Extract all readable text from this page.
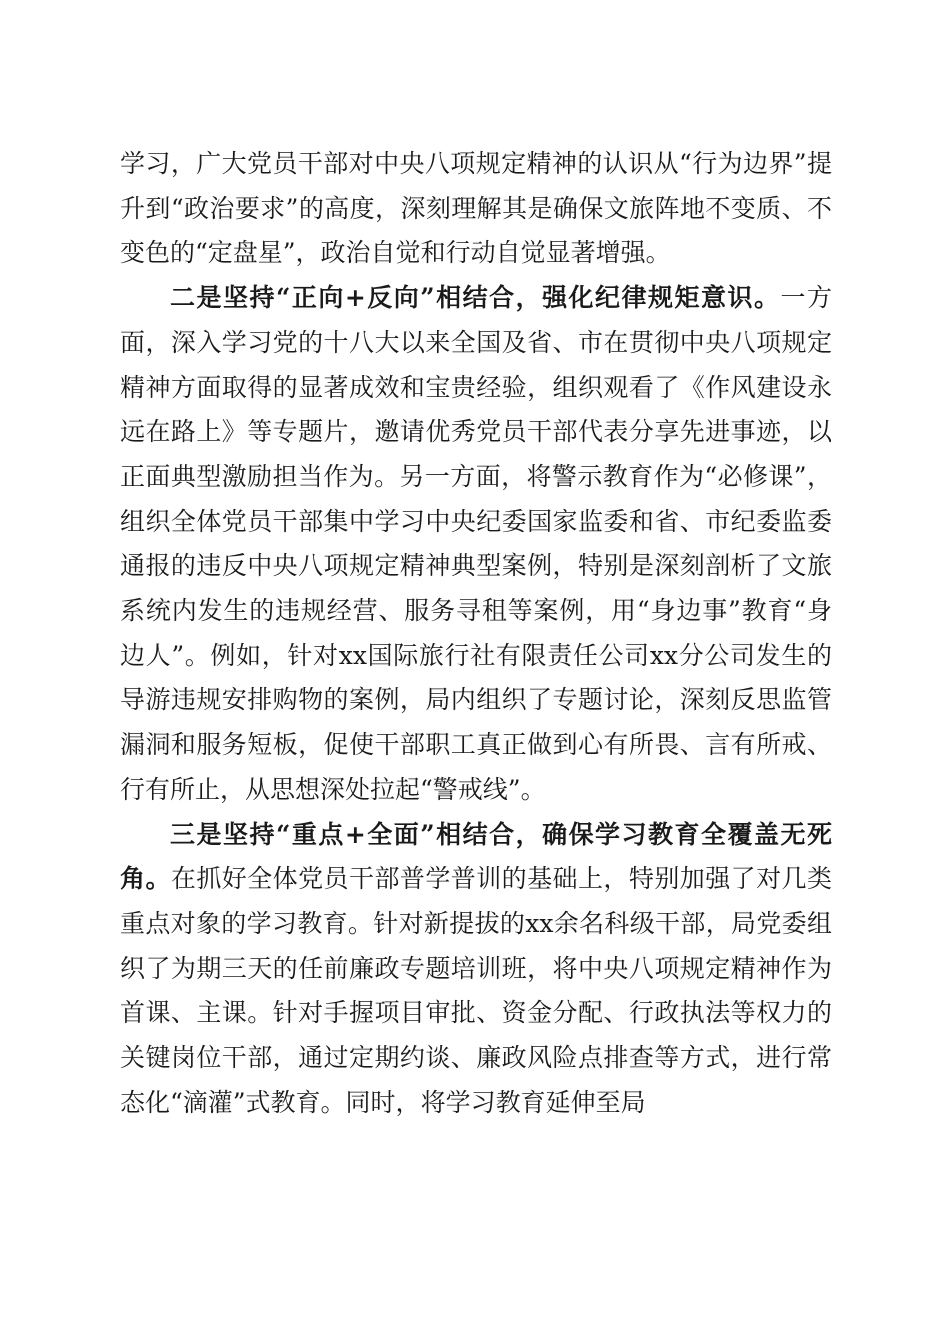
学习，广大党员干部对中央八项规定精神的认识从“行为边界”提升到“政治要求”的高度，深刻理解其是确保文旅阵地不变质、不变色的“定盘星”，政治自觉和行动自觉显著增强。

二是坚持“正向+反向”相结合，强化纪律规矩意识。一方面，深入学习党的十八大以来全国及省、市在贯彻中央八项规定精神方面取得的显著成效和宝贵经验，组织观看了《作风建设永远在路上》等专题片，邀请优秀党员干部代表分享先进事迹，以正面典型激励担当作为。另一方面，将警示教育作为“必修课”，组织全体党员干部集中学习中央纪委国家监委和省、市纪委监委通报的违反中央八项规定精神典型案例，特别是深刻剖析了文旅系统内发生的违规经营、服务寻租等案例，用“身边事”教育“身边人”。例如，针对xx国际旅行社有限责任公司xx分公司发生的导游违规安排购物的案例，局内组织了专题讨论，深刻反思监管漏洞和服务短板，促使干部职工真正做到心有所畏、言有所戒、行有所止，从思想深处拉起“警戒线”。

三是坚持“重点+全面”相结合，确保学习教育全覆盖无死角。在抓好全体党员干部普学普训的基础上，特别加强了对几类重点对象的学习教育。针对新提拔的xx余名科级干部，局党委组织了为期三天的任前廉政专题培训班，将中央八项规定精神作为首课、主课。针对手握项目审批、资金分配、行政执法等权力的关键岗位干部，通过定期约谈、廉政风险点排查等方式，进行常态化“滴灌”式教育。同时，将学习教育延伸至局
